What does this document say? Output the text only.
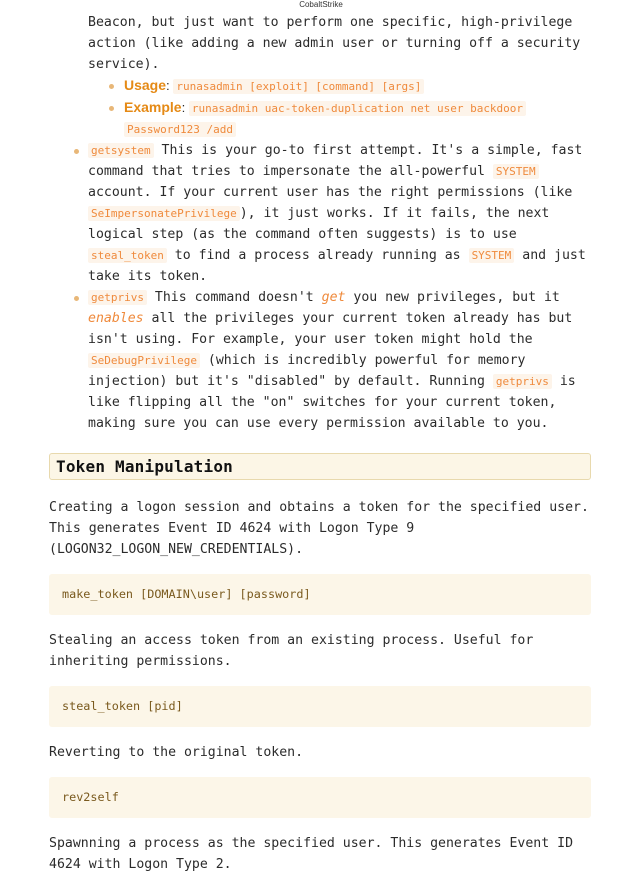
CobaltStrike

Beacon, but just want to perform one specific, high-privilege action (like adding a new admin user or turning off a security service).

Usage: runasadmin [exploit] [command] [args]
Example: runasadmin uac-token-duplication net user backdoor
Password123 /add
getsystem This is your go-to first attempt. It's a simple, fast command that tries to impersonate the all-powerful SYSTEM account. If your current user has the right permissions (like SeImpersonatePrivilege ), it just works. If it fails, the next logical step (as the command often suggests) is to use steal_token to find a process already running as SYSTEM and just take its token.
getprivs This command doesn't get you new privileges, but it enables all the privileges your current token already has but isn't using. For example, your user token might hold the SeDebugPrivilege (which is incredibly powerful for memory injection) but it's "disabled" by default. Running getprivs is like flipping all the "on" switches for your current token, making sure you can use every permission available to you.
Token Manipulation

Creating a logon session and obtains a token for the specified user. This generates Event ID 4624 with Logon Type 9 (LOGON32_LOGON_NEW_CREDENTIALS).

make_token [DOMAIN\user] [password]

Stealing an access token from an existing process. Useful for inheriting permissions.

steal_token [pid]

Reverting to the original token.

rev2self

Spawnning a process as the specified user. This generates Event ID 4624 with Logon Type 2.
